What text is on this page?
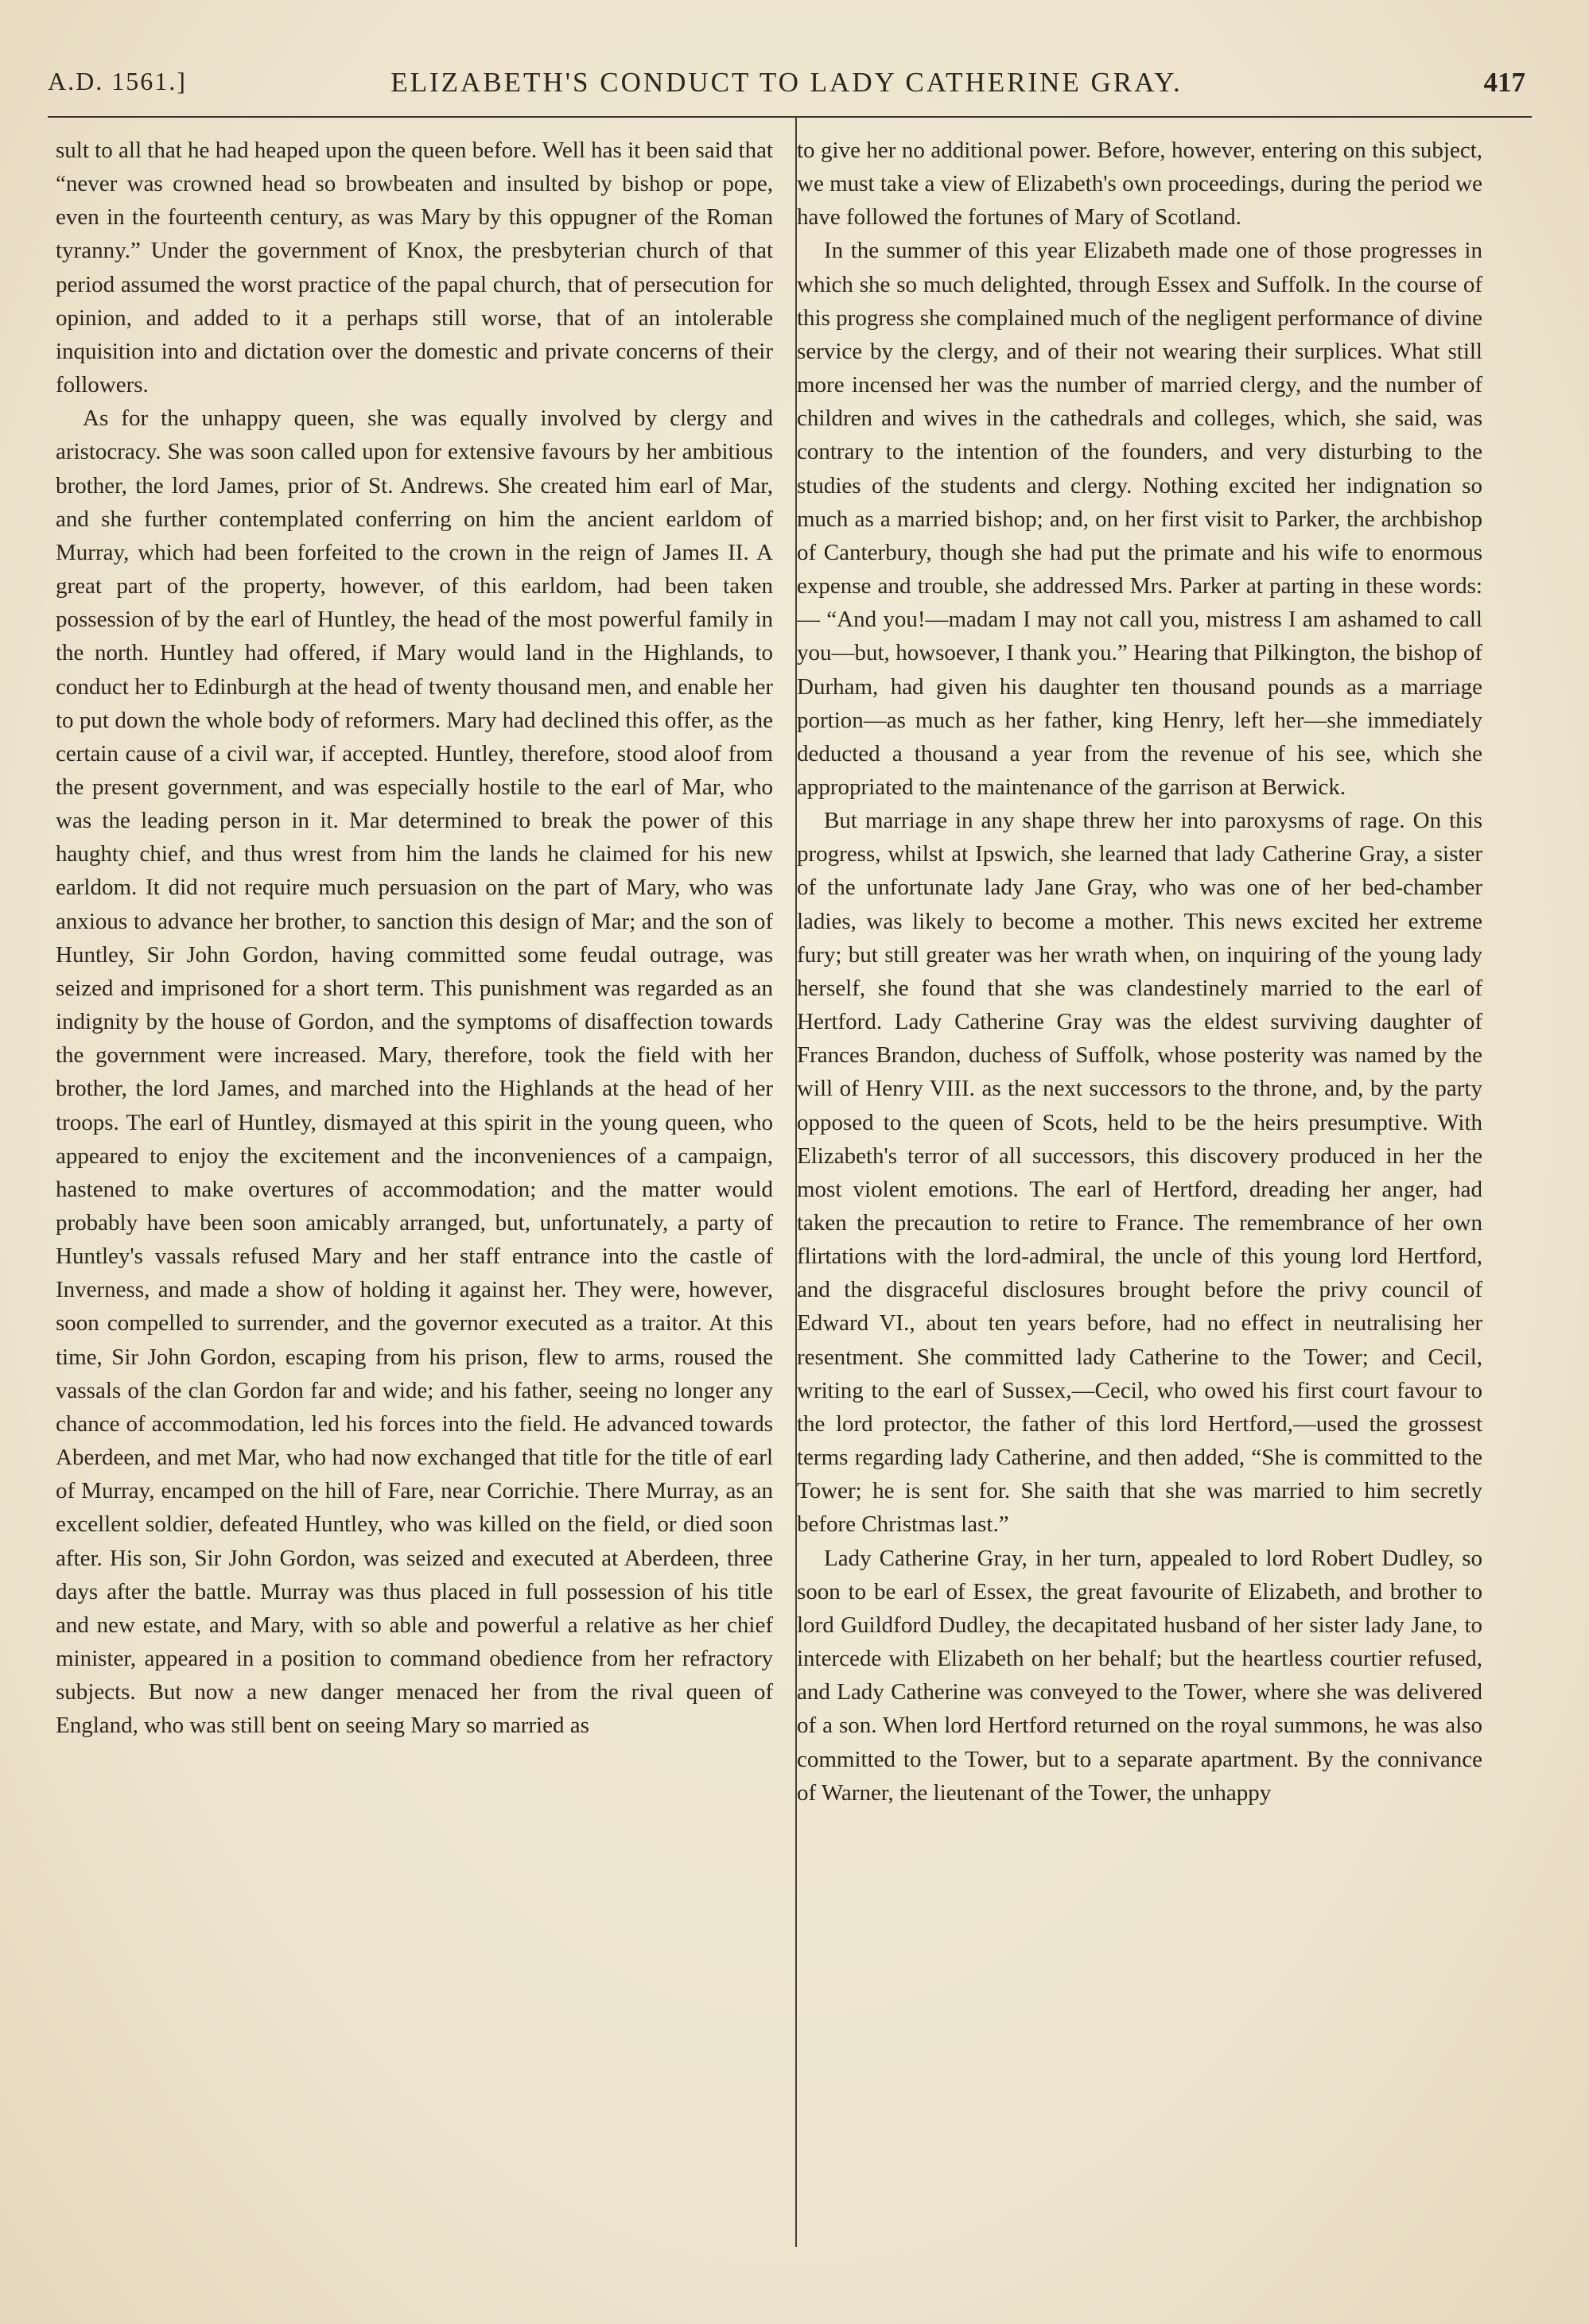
A.D. 1561.]	ELIZABETH'S CONDUCT TO LADY CATHERINE GRAY.	417

sult to all that he had heaped upon the queen before. Well has it been said that “never was crowned head so browbeaten and insulted by bishop or pope, even in the fourteenth century, as was Mary by this oppugner of the Roman tyranny.” Under the government of Knox, the presbyterian church of that period assumed the worst practice of the papal church, that of persecution for opinion, and added to it a perhaps still worse, that of an intolerable inquisition into and dictation over the domestic and private concerns of their followers.

As for the unhappy queen, she was equally involved by clergy and aristocracy. She was soon called upon for extensive favours by her ambitious brother, the lord James, prior of St. Andrews. She created him earl of Mar, and she further contemplated conferring on him the ancient earldom of Murray, which had been forfeited to the crown in the reign of James II. A great part of the property, however, of this earldom, had been taken possession of by the earl of Huntley, the head of the most powerful family in the north. Huntley had offered, if Mary would land in the Highlands, to conduct her to Edinburgh at the head of twenty thousand men, and enable her to put down the whole body of reformers. Mary had declined this offer, as the certain cause of a civil war, if accepted. Huntley, therefore, stood aloof from the present government, and was especially hostile to the earl of Mar, who was the leading person in it. Mar determined to break the power of this haughty chief, and thus wrest from him the lands he claimed for his new earldom. It did not require much persuasion on the part of Mary, who was anxious to advance her brother, to sanction this design of Mar; and the son of Huntley, Sir John Gordon, having committed some feudal outrage, was seized and imprisoned for a short term. This punishment was regarded as an indignity by the house of Gordon, and the symptoms of disaffection towards the government were increased. Mary, therefore, took the field with her brother, the lord James, and marched into the Highlands at the head of her troops. The earl of Huntley, dismayed at this spirit in the young queen, who appeared to enjoy the excitement and the inconveniences of a campaign, hastened to make overtures of accommodation; and the matter would probably have been soon amicably arranged, but, unfortunately, a party of Huntley's vassals refused Mary and her staff entrance into the castle of Inverness, and made a show of holding it against her. They were, however, soon compelled to surrender, and the governor executed as a traitor. At this time, Sir John Gordon, escaping from his prison, flew to arms, roused the vassals of the clan Gordon far and wide; and his father, seeing no longer any chance of accommodation, led his forces into the field. He advanced towards Aberdeen, and met Mar, who had now exchanged that title for the title of earl of Murray, encamped on the hill of Fare, near Corrichie. There Murray, as an excellent soldier, defeated Huntley, who was killed on the field, or died soon after. His son, Sir John Gordon, was seized and executed at Aberdeen, three days after the battle. Murray was thus placed in full possession of his title and new estate, and Mary, with so able and powerful a relative as her chief minister, appeared in a position to command obedience from her refractory subjects. But now a new danger menaced her from the rival queen of England, who was still bent on seeing Mary so married as

to give her no additional power. Before, however, entering on this subject, we must take a view of Elizabeth's own proceedings, during the period we have followed the fortunes of Mary of Scotland.

In the summer of this year Elizabeth made one of those progresses in which she so much delighted, through Essex and Suffolk. In the course of this progress she complained much of the negligent performance of divine service by the clergy, and of their not wearing their surplices. What still more incensed her was the number of married clergy, and the number of children and wives in the cathedrals and colleges, which, she said, was contrary to the intention of the founders, and very disturbing to the studies of the students and clergy. Nothing excited her indignation so much as a married bishop; and, on her first visit to Parker, the archbishop of Canterbury, though she had put the primate and his wife to enormous expense and trouble, she addressed Mrs. Parker at parting in these words:— “And you!—madam I may not call you, mistress I am ashamed to call you—but, howsoever, I thank you.” Hearing that Pilkington, the bishop of Durham, had given his daughter ten thousand pounds as a marriage portion—as much as her father, king Henry, left her—she immediately deducted a thousand a year from the revenue of his see, which she appropriated to the maintenance of the garrison at Berwick.

But marriage in any shape threw her into paroxysms of rage. On this progress, whilst at Ipswich, she learned that lady Catherine Gray, a sister of the unfortunate lady Jane Gray, who was one of her bed-chamber ladies, was likely to become a mother. This news excited her extreme fury; but still greater was her wrath when, on inquiring of the young lady herself, she found that she was clandestinely married to the earl of Hertford. Lady Catherine Gray was the eldest surviving daughter of Frances Brandon, duchess of Suffolk, whose posterity was named by the will of Henry VIII. as the next successors to the throne, and, by the party opposed to the queen of Scots, held to be the heirs presumptive. With Elizabeth's terror of all successors, this discovery produced in her the most violent emotions. The earl of Hertford, dreading her anger, had taken the precaution to retire to France. The remembrance of her own flirtations with the lord-admiral, the uncle of this young lord Hertford, and the disgraceful disclosures brought before the privy council of Edward VI., about ten years before, had no effect in neutralising her resentment. She committed lady Catherine to the Tower; and Cecil, writing to the earl of Sussex,—Cecil, who owed his first court favour to the lord protector, the father of this lord Hertford,—used the grossest terms regarding lady Catherine, and then added, “She is committed to the Tower; he is sent for. She saith that she was married to him secretly before Christmas last.”

Lady Catherine Gray, in her turn, appealed to lord Robert Dudley, so soon to be earl of Essex, the great favourite of Elizabeth, and brother to lord Guildford Dudley, the decapitated husband of her sister lady Jane, to intercede with Elizabeth on her behalf; but the heartless courtier refused, and Lady Catherine was conveyed to the Tower, where she was delivered of a son. When lord Hertford returned on the royal summons, he was also committed to the Tower, but to a separate apartment. By the connivance of Warner, the lieutenant of the Tower, the unhappy
